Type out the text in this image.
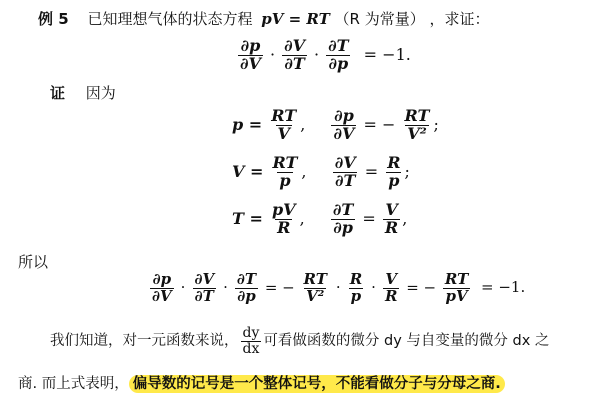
例 5 已知理想气体的状态方程 pV = RT （R 为常量） ，求证：
$\frac{\partial p}{\partial V} \cdot \frac{\partial V}{\partial T} \cdot \frac{\partial T}{\partial p} = -1$.
证 因为
$p = \frac{RT}{V}$ , $\frac{\partial p}{\partial V}$ = − $\frac{RT}{\text{V²}}$ ;
$V = \frac{RT}{p}$ , $\frac{\partial V}{\partial T} = \frac{R}{p}$ ;
$T = \frac{pV}{R}$ , $\frac{\partial T}{\partial p} = \frac{V}{R}$ ,
所以
$\frac{\partial p}{\partial V} \cdot \frac{\partial V}{\partial T} \cdot \frac{\partial T}{\partial p}$ = − $\frac{RT}{\text{V²}} \cdot \frac{R}{p} \cdot \frac{V}{R}$ = − $\frac{RT}{pV} = -1$.
我们知道，对一元函数来说， $\frac{dy}{dx}$ 可看做函数的微分 dy 与自变量的微分 dx 之
商. 而上式表明， 偏导数的记号是一个整体记号，不能看做分子与分母之商.
